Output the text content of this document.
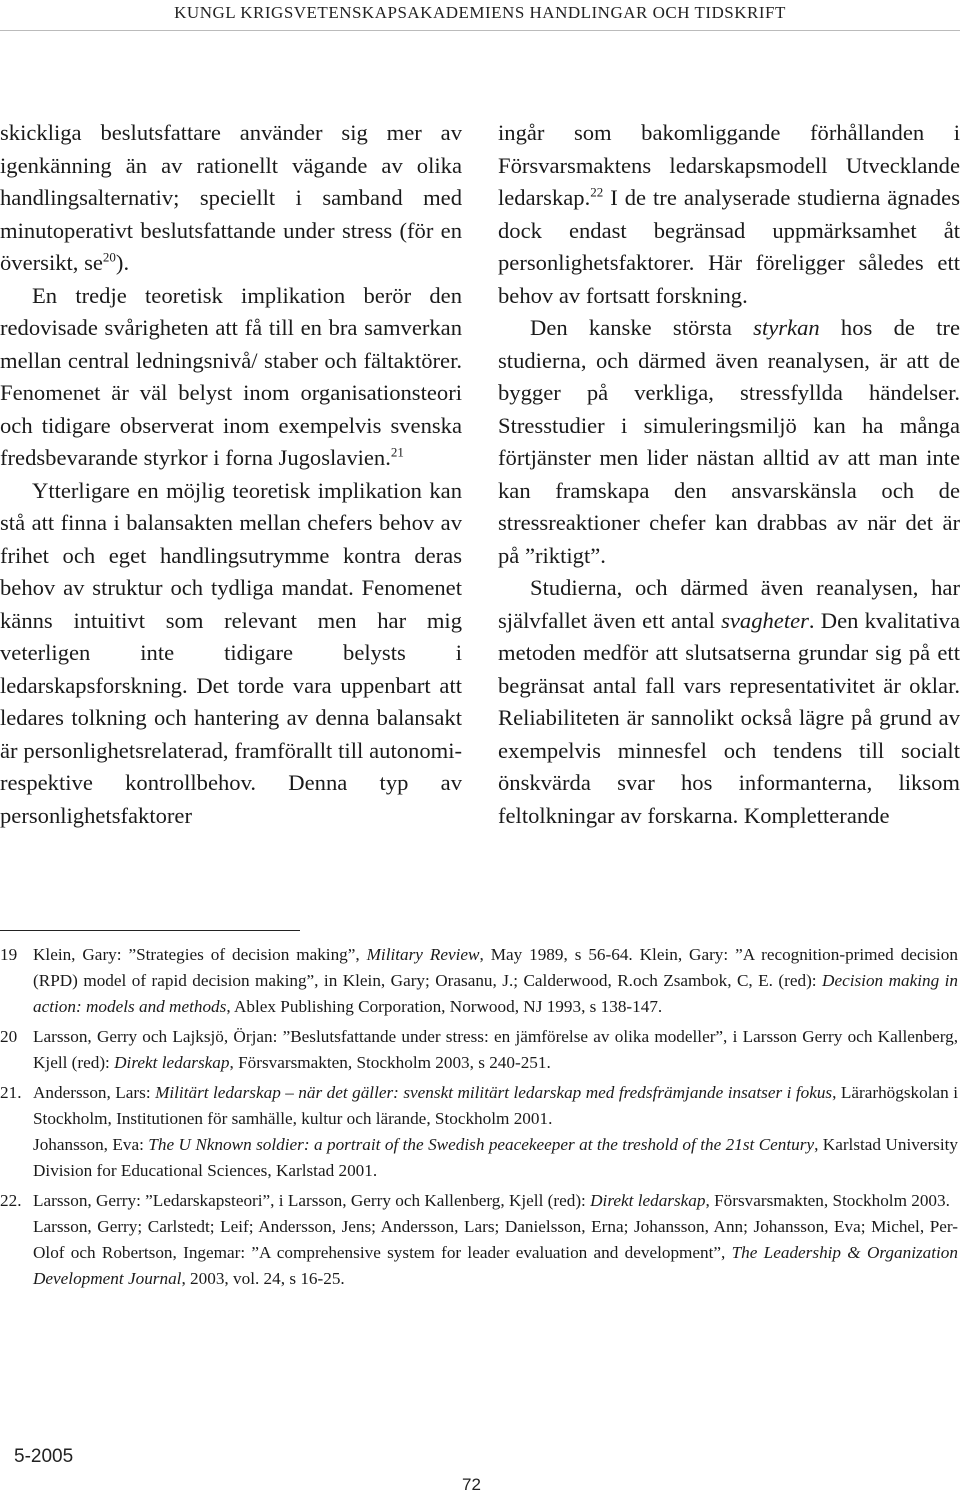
KUNGL KRIGSVETENSKAPSAKADEMIENS HANDLINGAR OCH TIDSKRIFT

skickliga beslutsfattare använder sig mer av igenkänning än av rationellt vägande av olika handlingsalternativ; speciellt i samband med minutoperativt beslutsfattande under stress (för en översikt, $se^{20}$).

En tredje teoretisk implikation berör den redovisade svårigheten att få till en bra samverkan mellan central ledningsnivå/ staber och fältaktörer. Fenomenet är väl belyst inom organisationsteori och tidigare observerat inom exempelvis svenska fredsbevarande styrkor i forna Jugoslavien.$^{21}$

Ytterligare en möjlig teoretisk implikation kan stå att finna i balansakten mellan chefers behov av frihet och eget handlingsutrymme kontra deras behov av struktur och tydliga mandat. Fenomenet känns intuitivt som relevant men har mig veterligen inte tidigare belysts i ledarskapsforskning. Det torde vara uppenbart att ledares tolkning och hantering av denna balansakt är personlighetsrelaterad, framförallt till autonomi- respektive kontrollbehov. Denna typ av personlighetsfaktorer

ingår som bakomliggande förhållanden i Försvarsmaktens ledarskapsmodell Utvecklande ledarskap.$^{22}$ I de tre analyserade studierna ägnades dock endast begränsad uppmärksamhet åt personlighetsfaktorer. Här föreligger således ett behov av fortsatt forskning.

Den kanske största styrkan hos de tre studierna, och därmed även reanalysen, är att de bygger på verkliga, stressfyllda händelser. Stresstudier i simuleringsmiljö kan ha många förtjänster men lider nästan alltid av att man inte kan framskapa den ansvarskänsla och de stressreaktioner chefer kan drabbas av när det är på ”riktigt”.

Studierna, och därmed även reanalysen, har självfallet även ett antal svagheter. Den kvalitativa metoden medför att slutsatserna grundar sig på ett begränsat antal fall vars representativitet är oklar. Reliabiliteten är sannolikt också lägre på grund av exempelvis minnesfel och tendens till socialt önskvärda svar hos informanterna, liksom feltolkningar av forskarna. Kompletterande

19 Klein, Gary: ”Strategies of decision making”, Military Review, May 1989, s 56-64. Klein, Gary: ”A recognition-primed decision (RPD) model of rapid decision making”, in Klein, Gary; Orasanu, J.; Calderwood, R.och Zsambok, C, E. (red): Decision making in action: models and methods, Ablex Publishing Corporation, Norwood, NJ 1993, s 138-147.

20 Larsson, Gerry och Lajksjö, Örjan: ”Beslutsfattande under stress: en jämförelse av olika modeller”, i Larsson Gerry och Kallenberg, Kjell (red): Direkt ledarskap, Försvarsmakten, Stockholm 2003, s 240-251.

21. Andersson, Lars: Militärt ledarskap – när det gäller: svenskt militärt ledarskap med fredsfrämjande insatser i fokus, Lärarhögskolan i Stockholm, Institutionen för samhälle, kultur och lärande, Stockholm 2001.

Johansson, Eva: The U Nknown soldier: a portrait of the Swedish peacekeeper at the treshold of the 21st Century, Karlstad University Division for Educational Sciences, Karlstad 2001.

22. Larsson, Gerry: ”Ledarskapsteori”, i Larsson, Gerry och Kallenberg, Kjell (red): Direkt ledarskap, Försvarsmakten, Stockholm 2003.

Larsson, Gerry; Carlstedt; Leif; Andersson, Jens; Andersson, Lars; Danielsson, Erna; Johansson, Ann; Johansson, Eva; Michel, Per-Olof och Robertson, Ingemar: ”A comprehensive system for leader evaluation and development”, The Leadership & Organization Development Journal, 2003, vol. 24, s 16-25.

5-2005
72
